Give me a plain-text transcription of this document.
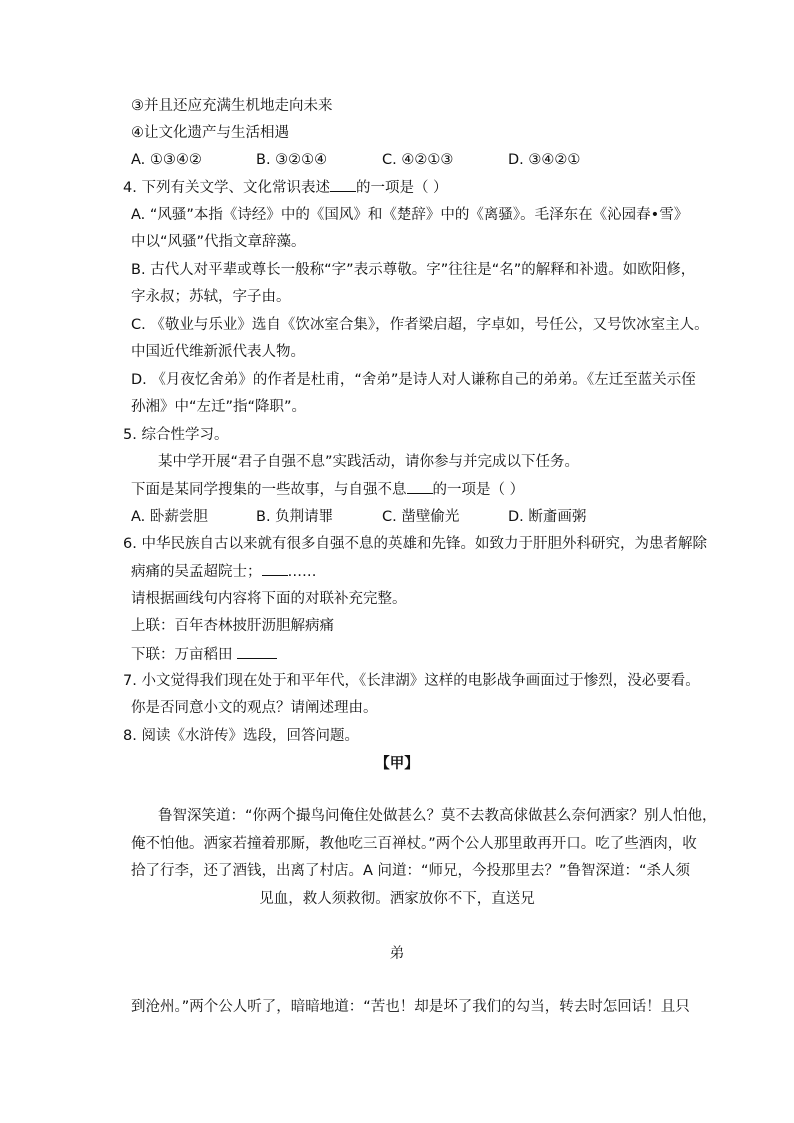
③并且还应充满生机地走向未来
④让文化遗产与生活相遇
A. ①③④②	B. ③②①④	C. ④②①③	D. ③④②①
4. 下列有关文学、文化常识表述 的一项是（ ）
A. “风骚”本指《诗经》中的《国风》和《楚辞》中的《离骚》。毛泽东在《沁园春•雪》
中以“风骚”代指文章辞藻。
B. 古代人对平辈或尊长一般称“字”表示尊敬。字”往往是“名”的解释和补遗。如欧阳修，
字永叔；苏轼，字子由。
C. 《敬业与乐业》选自《饮冰室合集》，作者梁启超，字卓如，号任公，又号饮冰室主人。
中国近代维新派代表人物。
D. 《月夜忆舍弟》的作者是杜甫，“舍弟”是诗人对人谦称自己的弟弟。《左迁至蓝关示侄
孙湘》中“左迁”指“降职”。
5. 综合性学习。
某中学开展“君子自强不息”实践活动，请你参与并完成以下任务。
下面是某同学搜集的一些故事，与自强不息 的一项是（ ）
A. 卧薪尝胆	B. 负荆请罪	C. 凿壁偷光	D. 断齑画粥
6. 中华民族自古以来就有很多自强不息的英雄和先锋。如致力于肝胆外科研究，为患者解除
病痛的吴孟超院士； ……
请根据画线句内容将下面的对联补充完整。
上联：百年杏林披肝沥胆解病痛
下联：万亩稻田
7. 小文觉得我们现在处于和平年代，《长津湖》这样的电影战争画面过于惨烈，没必要看。
你是否同意小文的观点？请阐述理由。
8. 阅读《水浒传》选段，回答问题。
【甲】
鲁智深笑道：“你两个撮鸟问俺住处做甚么？莫不去教高俅做甚么奈何洒家？别人怕他，
俺不怕他。洒家若撞着那厮，教他吃三百禅杖。”两个公人那里敢再开口。吃了些酒肉，收
拾了行李，还了酒钱，出离了村店。A 问道：“师兄，今投那里去？”鲁智深道：“杀人须
见血，救人须救彻。洒家放你不下，直送兄
弟
到沧州。”两个公人听了，暗暗地道：“苦也！却是坏了我们的勾当，转去时怎回话！且只
